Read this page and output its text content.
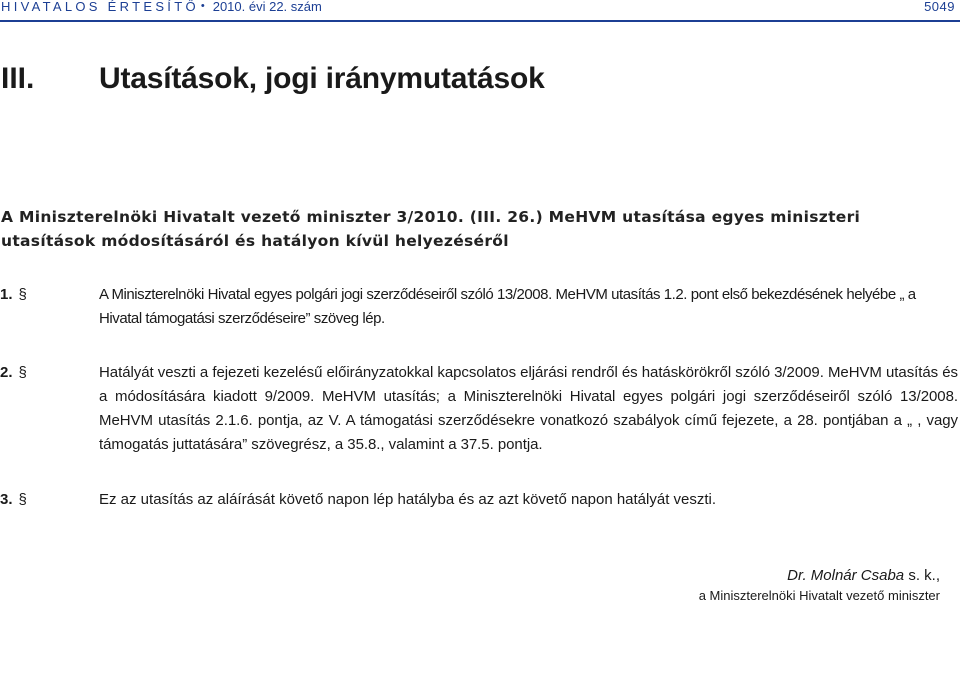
HIVATALOS ÉRTESÍTŐ • 2010. évi 22. szám	5049
III.	Utasítások, jogi iránymutatások
A Miniszterelnöki Hivatalt vezető miniszter 3/2010. (III. 26.) MeHVM utasítása egyes miniszteri utasítások módosításáról és hatályon kívül helyezéséről
1. §	A Miniszterelnöki Hivatal egyes polgári jogi szerződéseiről szóló 13/2008. MeHVM utasítás 1.2. pont első bekezdésének helyébe „ a Hivatal támogatási szerződéseire” szöveg lép.
2. §	Hatályát veszti a fejezeti kezelésű előirányzatokkal kapcsolatos eljárási rendről és hatáskörökről szóló 3/2009. MeHVM utasítás és a módosítására kiadott 9/2009. MeHVM utasítás; a Miniszterelnöki Hivatal egyes polgári jogi szerződéseiről szóló 13/2008. MeHVM utasítás 2.1.6. pontja, az V. A támogatási szerződésekre vonatkozó szabályok című fejezete, a 28. pontjában a „ , vagy támogatás juttatására” szövegrész, a 35.8., valamint a 37.5. pontja.
3. §	Ez az utasítás az aláírását követő napon lép hatályba és az azt követő napon hatályát veszti.
Dr. Molnár Csaba s. k.,
a Miniszterelnöki Hivatalt vezető miniszter
